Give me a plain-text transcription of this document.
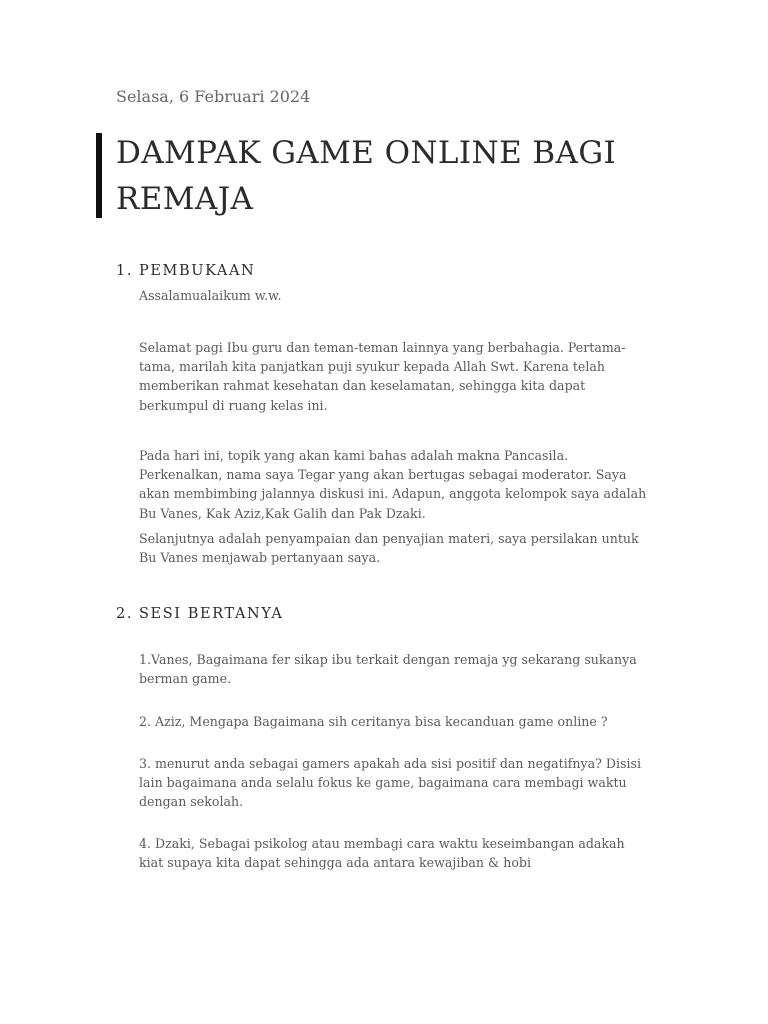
Selasa, 6 Februari 2024
DAMPAK GAME ONLINE BAGI REMAJA
1. PEMBUKAAN
Assalamualaikum w.w.
Selamat pagi Ibu guru dan teman-teman lainnya yang berbahagia. Pertama-tama, marilah kita panjatkan puji syukur kepada Allah Swt. Karena telah memberikan rahmat kesehatan dan keselamatan, sehingga kita dapat berkumpul di ruang kelas ini.
Pada hari ini, topik yang akan kami bahas adalah makna Pancasila. Perkenalkan, nama saya Tegar yang akan bertugas sebagai moderator. Saya akan membimbing jalannya diskusi ini. Adapun, anggota kelompok saya adalah Bu Vanes, Kak Aziz,Kak Galih dan Pak Dzaki.
Selanjutnya adalah penyampaian dan penyajian materi, saya persilakan untuk Bu Vanes menjawab pertanyaan saya.
2. SESI BERTANYA
1.Vanes, Bagaimana fer sikap ibu terkait dengan remaja yg sekarang sukanya berman game.
2. Aziz, Mengapa Bagaimana sih ceritanya bisa kecanduan game online ?
3. menurut anda sebagai gamers apakah ada sisi positif dan negatifnya? Disisi lain bagaimana anda selalu fokus ke game, bagaimana cara membagi waktu dengan sekolah.
4. Dzaki, Sebagai psikolog atau membagi cara waktu keseimbangan adakah kiat supaya kita dapat sehingga ada antara kewajiban & hobi
